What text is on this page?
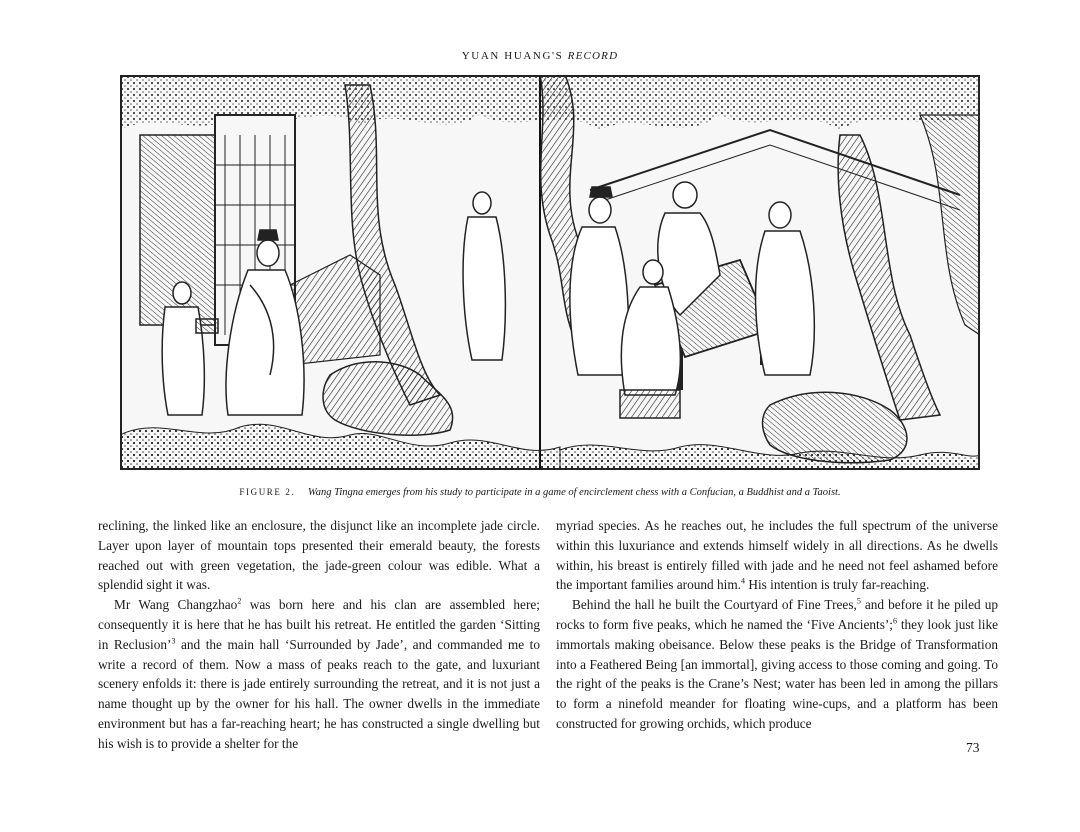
YUAN HUANG'S RECORD
FIGURE 2. Wang Tingna emerges from his study to participate in a game of encirclement chess with a Confucian, a Buddhist and a Taoist.

reclining, the linked like an enclosure, the disjunct like an incomplete jade circle. Layer upon layer of mountain tops presented their emerald beauty, the forests reached out with green vegetation, the jade-green colour was edible. What a splendid sight it was.

Mr Wang Changzhao$^2$ was born here and his clan are assembled here; consequently it is here that he has built his retreat. He entitled the garden ‘Sitting in Reclusion’$^3$ and the main hall ‘Surrounded by Jade’, and commanded me to write a record of them. Now a mass of peaks reach to the gate, and luxuriant scenery enfolds it: there is jade entirely surrounding the retreat, and it is not just a name thought up by the owner for his hall. The owner dwells in the immediate environment but has a far-reaching heart; he has constructed a single dwelling but his wish is to provide a shelter for the

myriad species. As he reaches out, he includes the full spectrum of the universe within this luxuriance and extends himself widely in all directions. As he dwells within, his breast is entirely filled with jade and he need not feel ashamed before the important families around him.$^4$ His intention is truly far-reaching.

Behind the hall he built the Courtyard of Fine Trees,$^5$ and before it he piled up rocks to form five peaks, which he named the ‘Five Ancients’;$^6$ they look just like immortals making obeisance. Below these peaks is the Bridge of Transformation into a Feathered Being [an immortal], giving access to those coming and going. To the right of the peaks is the Crane’s Nest; water has been led in among the pillars to form a ninefold meander for floating wine-cups, and a platform has been constructed for growing orchids, which produce

73
